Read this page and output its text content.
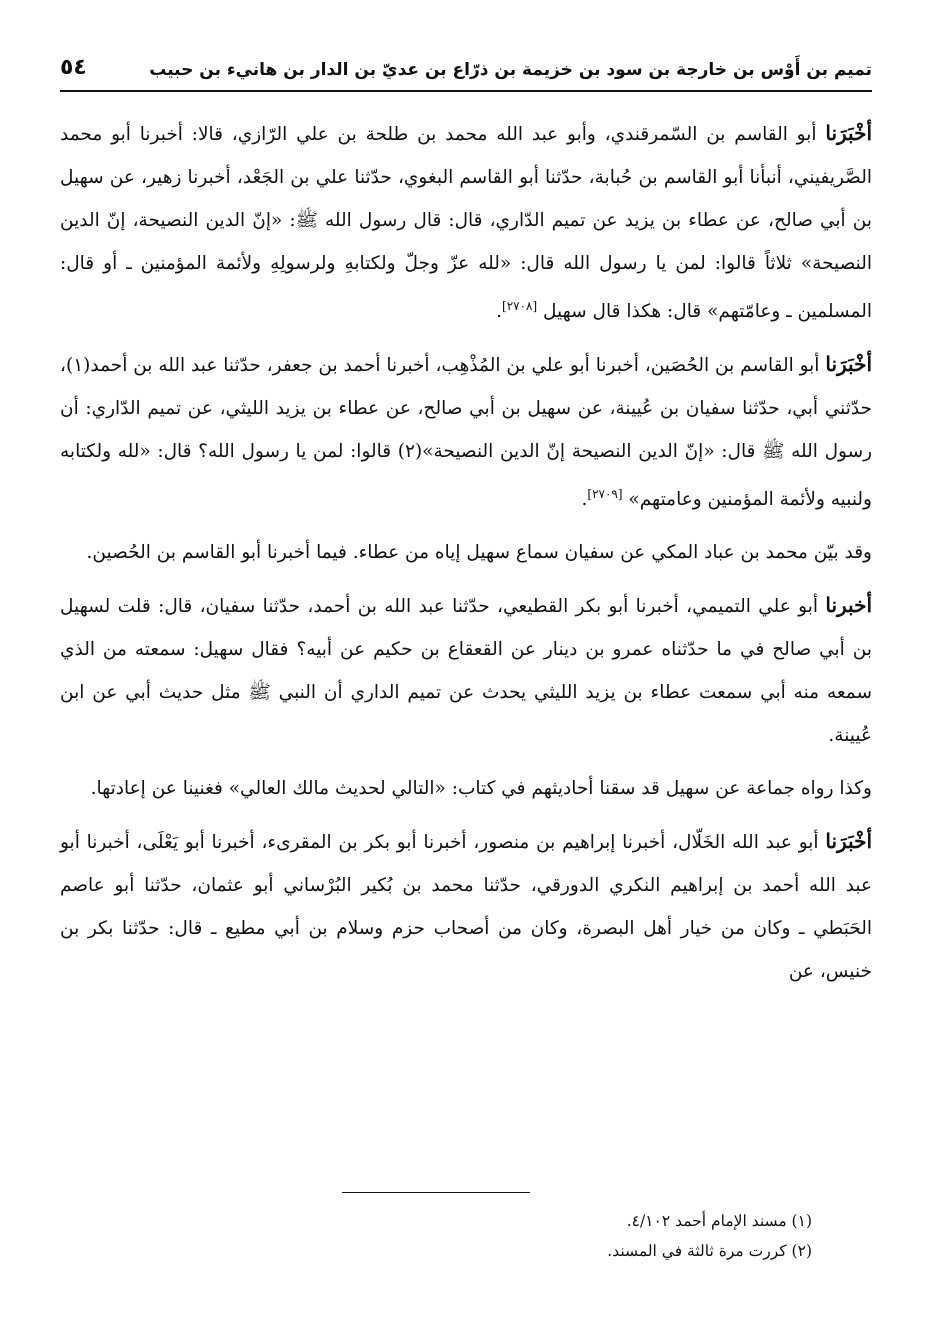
تميم بن أَوْس بن خارجة بن سود بن خزيمة بن ذرّاع بن عديّ بن الدار بن هانيء بن حبيب
٥٤

أخْبَرَنا أبو القاسم بن السّمرقندي، وأبو عبد الله محمد بن طلحة بن علي الرّازي، قالا: أخبرنا أبو محمد الصَّريفيني، أنبأنا أبو القاسم بن حُبابة، حدّثنا أبو القاسم البغوي، حدّثنا علي بن الجَعْد، أخبرنا زهير، عن سهيل بن أبي صالح، عن عطاء بن يزيد عن تميم الدّاري، قال: قال رسول الله ﷺ: «إنّ الدين النصيحة، إنّ الدين النصيحة» ثلاثاً قالوا: لمن يا رسول الله قال: «لله عزّ وجلّ ولكتابهِ ولرسولِهِ ولأئمة المؤمنين ـ أو قال: المسلمين ـ وعامّتهم» قال: هكذا قال سهيل [٢٧٠٨].

أخْبَرَنا أبو القاسم بن الحُصَين، أخبرنا أبو علي بن المُذْهِب، أخبرنا أحمد بن جعفر، حدّثنا عبد الله بن أحمد(١)، حدّثني أبي، حدّثنا سفيان بن عُيينة، عن سهيل بن أبي صالح، عن عطاء بن يزيد الليثي، عن تميم الدّاري: أن رسول الله ﷺ قال: «إنّ الدين النصيحة إنّ الدين النصيحة»(٢) قالوا: لمن يا رسول الله؟ قال: «لله ولكتابه ولنبيه ولأئمة المؤمنين وعامتهم» [٢٧٠٩].

وقد بيّن محمد بن عباد المكي عن سفيان سماع سهيل إياه من عطاء. فيما أخبرنا أبو القاسم بن الحُصين.

أخبرنا أبو علي التميمي، أخبرنا أبو بكر القطيعي، حدّثنا عبد الله بن أحمد، حدّثنا سفيان، قال: قلت لسهيل بن أبي صالح في ما حدّثناه عمرو بن دينار عن القعقاع بن حكيم عن أبيه؟ فقال سهيل: سمعته من الذي سمعه منه أبي سمعت عطاء بن يزيد الليثي يحدث عن تميم الداري أن النبي ﷺ مثل حديث أبي عن ابن عُيينة.

وكذا رواه جماعة عن سهيل قد سقنا أحاديثهم في كتاب: «التالي لحديث مالك العالي» فغنينا عن إعادتها.

أخْبَرَنا أبو عبد الله الخَلّال، أخبرنا إبراهيم بن منصور، أخبرنا أبو بكر بن المقرىء، أخبرنا أبو يَعْلَى، أخبرنا أبو عبد الله أحمد بن إبراهيم النكري الدورقي، حدّثنا محمد بن بُكير البُرْساني أبو عثمان، حدّثنا أبو عاصم الحَبَطي ـ وكان من خيار أهل البصرة، وكان من أصحاب حزم وسلام بن أبي مطيع ـ قال: حدّثنا بكر بن خنيس، عن

(١) مسند الإمام أحمد ٤/١٠٢.
(٢) كررت مرة ثالثة في المسند.
